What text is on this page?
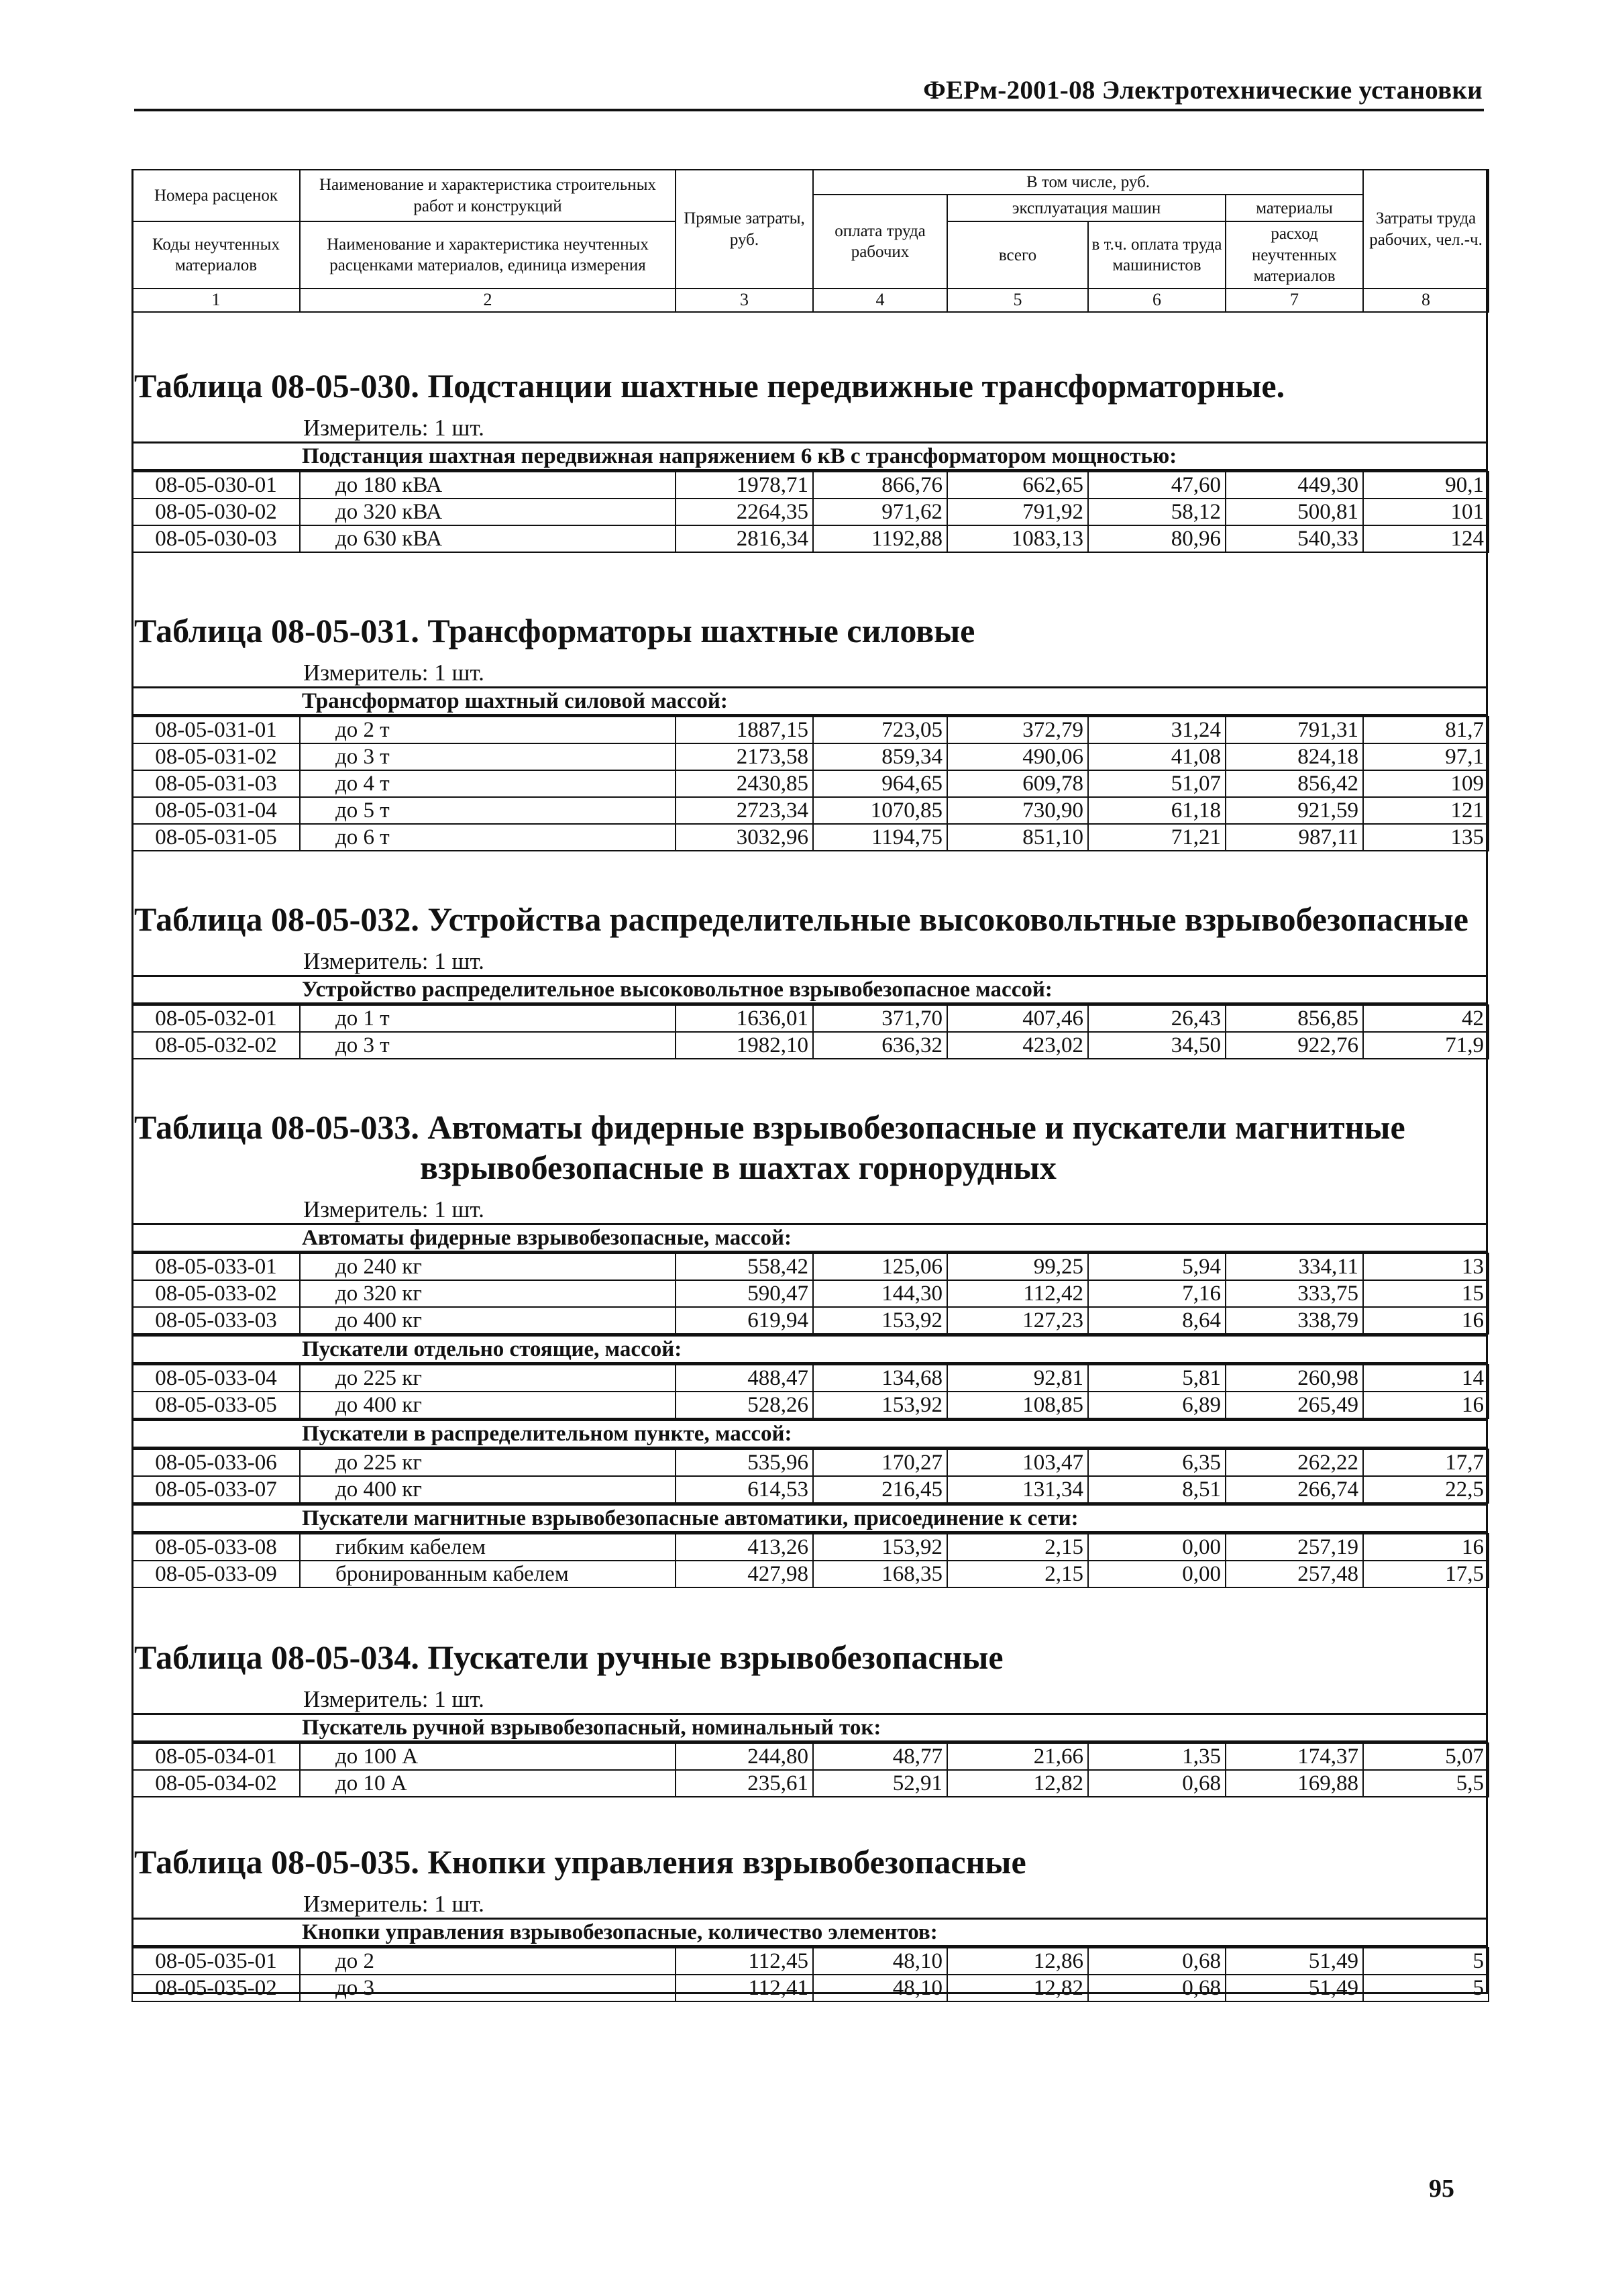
ФЕРм-2001-08 Электротехнические установки
Номера расценок	Наименование и характеристика строительных работ и конструкций	Прямые затраты, руб.	В том числе, руб.				Затраты труда рабочих, чел.-ч.
			оплата труда рабочих	эксплуатация машин		материалы	
Коды неучтенных материалов	Наименование и характеристика неучтенных расценками материалов, единица измерения			всего	в т.ч. оплата труда машинистов	расход неучтенных материалов	

1	2	3	4	5	6	7	8
Таблица 08-05-030. Подстанции шахтные передвижные трансформаторные.
Измеритель: 1 шт.
Подстанция шахтная передвижная напряжением 6 кВ с трансформатором мощностью:
08-05-030-01	до 180 кВА	1978,71	866,76	662,65	47,60	449,30	90,1
08-05-030-02	до 320 кВА	2264,35	971,62	791,92	58,12	500,81	101
08-05-030-03	до 630 кВА	2816,34	1192,88	1083,13	80,96	540,33	124
Таблица 08-05-031. Трансформаторы шахтные силовые
Измеритель: 1 шт.
Трансформатор шахтный силовой массой:
08-05-031-01	до 2 т	1887,15	723,05	372,79	31,24	791,31	81,7
08-05-031-02	до 3 т	2173,58	859,34	490,06	41,08	824,18	97,1
08-05-031-03	до 4 т	2430,85	964,65	609,78	51,07	856,42	109
08-05-031-04	до 5 т	2723,34	1070,85	730,90	61,18	921,59	121
08-05-031-05	до 6 т	3032,96	1194,75	851,10	71,21	987,11	135
Таблица 08-05-032. Устройства распределительные высоковольтные взрывобезопасные
Измеритель: 1 шт.
Устройство распределительное высоковольтное взрывобезопасное массой:
08-05-032-01	до 1 т	1636,01	371,70	407,46	26,43	856,85	42
08-05-032-02	до 3 т	1982,10	636,32	423,02	34,50	922,76	71,9
Таблица 08-05-033. Автоматы фидерные взрывобезопасные и пускатели магнитные
взрывобезопасные в шахтах горнорудных
Измеритель: 1 шт.
Автоматы фидерные взрывобезопасные, массой:
08-05-033-01	до 240 кг	558,42	125,06	99,25	5,94	334,11	13
08-05-033-02	до 320 кг	590,47	144,30	112,42	7,16	333,75	15
08-05-033-03	до 400 кг	619,94	153,92	127,23	8,64	338,79	16
Пускатели отдельно стоящие, массой:
08-05-033-04	до 225 кг	488,47	134,68	92,81	5,81	260,98	14
08-05-033-05	до 400 кг	528,26	153,92	108,85	6,89	265,49	16
Пускатели в распределительном пункте, массой:
08-05-033-06	до 225 кг	535,96	170,27	103,47	6,35	262,22	17,7
08-05-033-07	до 400 кг	614,53	216,45	131,34	8,51	266,74	22,5
Пускатели магнитные взрывобезопасные автоматики, присоединение к сети:
08-05-033-08	гибким кабелем	413,26	153,92	2,15	0,00	257,19	16
08-05-033-09	бронированным кабелем	427,98	168,35	2,15	0,00	257,48	17,5
Таблица 08-05-034. Пускатели ручные взрывобезопасные
Измеритель: 1 шт.
Пускатель ручной взрывобезопасный, номинальный ток:
08-05-034-01	до 100 А	244,80	48,77	21,66	1,35	174,37	5,07
08-05-034-02	до 10 А	235,61	52,91	12,82	0,68	169,88	5,5
Таблица 08-05-035. Кнопки управления взрывобезопасные
Измеритель: 1 шт.
Кнопки управления взрывобезопасные, количество элементов:
08-05-035-01	до 2	112,45	48,10	12,86	0,68	51,49	5
08-05-035-02	до 3	112,41	48,10	12,82	0,68	51,49	5
95
